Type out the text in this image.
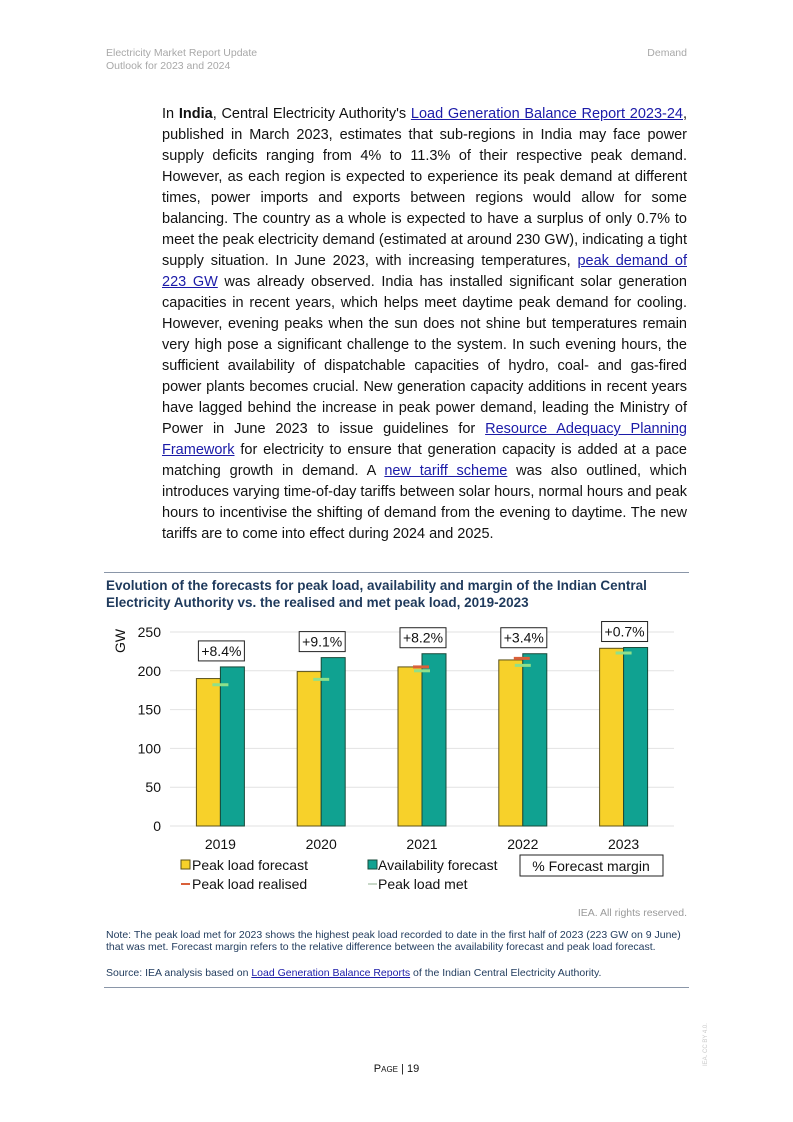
Electricity Market Report Update
Outlook for 2023 and 2024
Demand
In India, Central Electricity Authority's Load Generation Balance Report 2023-24, published in March 2023, estimates that sub-regions in India may face power supply deficits ranging from 4% to 11.3% of their respective peak demand. However, as each region is expected to experience its peak demand at different times, power imports and exports between regions would allow for some balancing. The country as a whole is expected to have a surplus of only 0.7% to meet the peak electricity demand (estimated at around 230 GW), indicating a tight supply situation. In June 2023, with increasing temperatures, peak demand of 223 GW was already observed. India has installed significant solar generation capacities in recent years, which helps meet daytime peak demand for cooling. However, evening peaks when the sun does not shine but temperatures remain very high pose a significant challenge to the system. In such evening hours, the sufficient availability of dispatchable capacities of hydro, coal- and gas-fired power plants becomes crucial. New generation capacity additions in recent years have lagged behind the increase in peak power demand, leading the Ministry of Power in June 2023 to issue guidelines for Resource Adequacy Planning Framework for electricity to ensure that generation capacity is added at a pace matching growth in demand. A new tariff scheme was also outlined, which introduces varying time-of-day tariffs between solar hours, normal hours and peak hours to incentivise the shifting of demand from the evening to daytime. The new tariffs are to come into effect during 2024 and 2025.
Evolution of the forecasts for peak load, availability and margin of the Indian Central Electricity Authority vs. the realised and met peak load, 2019-2023
0
50
100
150
200
250
GW	+8.4%
2019
+9.1%
2020
+8.2%
2021
+3.4%
2022
+0.7%
2023
Peak load forecast	Availability forecast % Forecast margin
Peak load realised	Peak load met
IEA. All rights reserved.
Note: The peak load met for 2023 shows the highest peak load recorded to date in the first half of 2023 (223 GW on 9 June) that was met. Forecast margin refers to the relative difference between the availability forecast and peak load forecast.
Source: IEA analysis based on Load Generation Balance Reports of the Indian Central Electricity Authority.
Page | 19
IEA. CC BY 4.0.
